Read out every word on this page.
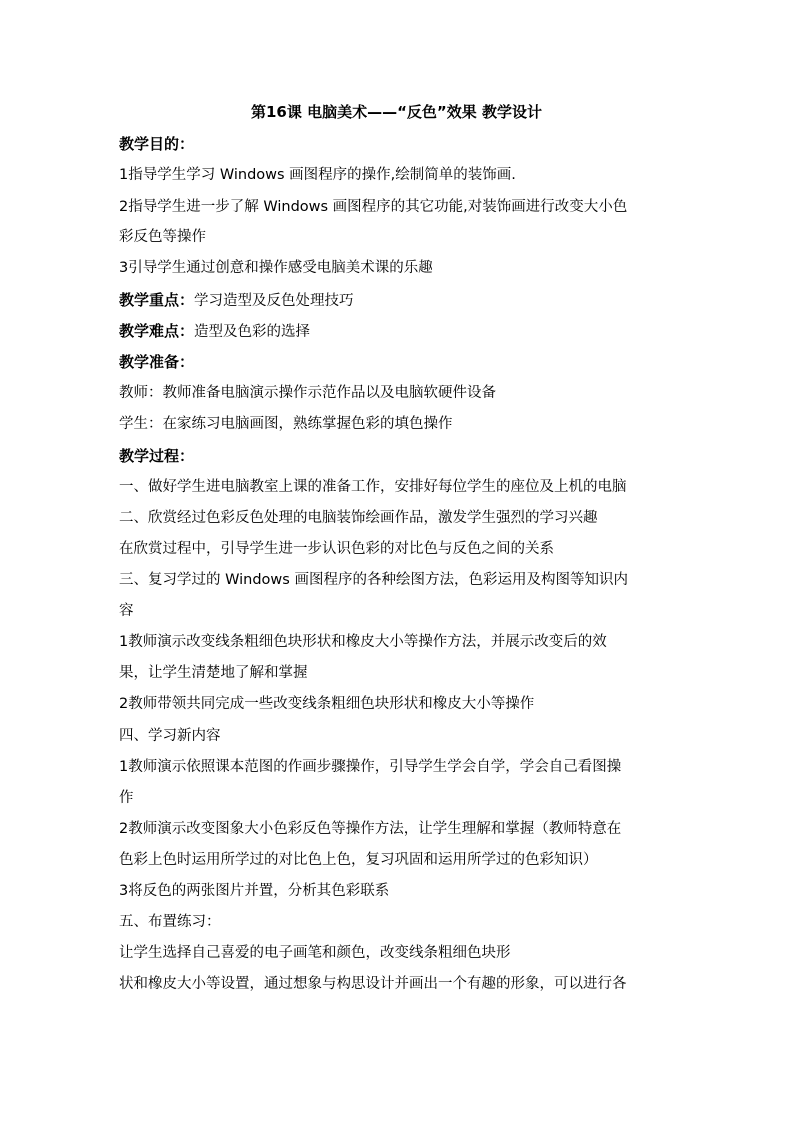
第16课 电脑美术——“反色”效果 教学设计
教学目的：
1指导学生学习 Windows 画图程序的操作,绘制简单的装饰画.
2指导学生进一步了解 Windows 画图程序的其它功能,对装饰画进行改变大小色
彩反色等操作
3引导学生通过创意和操作感受电脑美术课的乐趣
教学重点：学习造型及反色处理技巧
教学难点：造型及色彩的选择
教学准备：
教师：教师准备电脑演示操作示范作品以及电脑软硬件设备
学生：在家练习电脑画图，熟练掌握色彩的填色操作
教学过程：
一、做好学生进电脑教室上课的准备工作，安排好每位学生的座位及上机的电脑
二、欣赏经过色彩反色处理的电脑装饰绘画作品，激发学生强烈的学习兴趣
在欣赏过程中，引导学生进一步认识色彩的对比色与反色之间的关系
三、复习学过的 Windows 画图程序的各种绘图方法，色彩运用及构图等知识内
容
1教师演示改变线条粗细色块形状和橡皮大小等操作方法，并展示改变后的效
果，让学生清楚地了解和掌握
2教师带领共同完成一些改变线条粗细色块形状和橡皮大小等操作
四、学习新内容
1教师演示依照课本范图的作画步骤操作，引导学生学会自学，学会自己看图操
作
2教师演示改变图象大小色彩反色等操作方法，让学生理解和掌握（教师特意在
色彩上色时运用所学过的对比色上色，复习巩固和运用所学过的色彩知识）
3将反色的两张图片并置，分析其色彩联系
五、布置练习：
让学生选择自己喜爱的电子画笔和颜色，改变线条粗细色块形
状和橡皮大小等设置，通过想象与构思设计并画出一个有趣的形象，可以进行各
